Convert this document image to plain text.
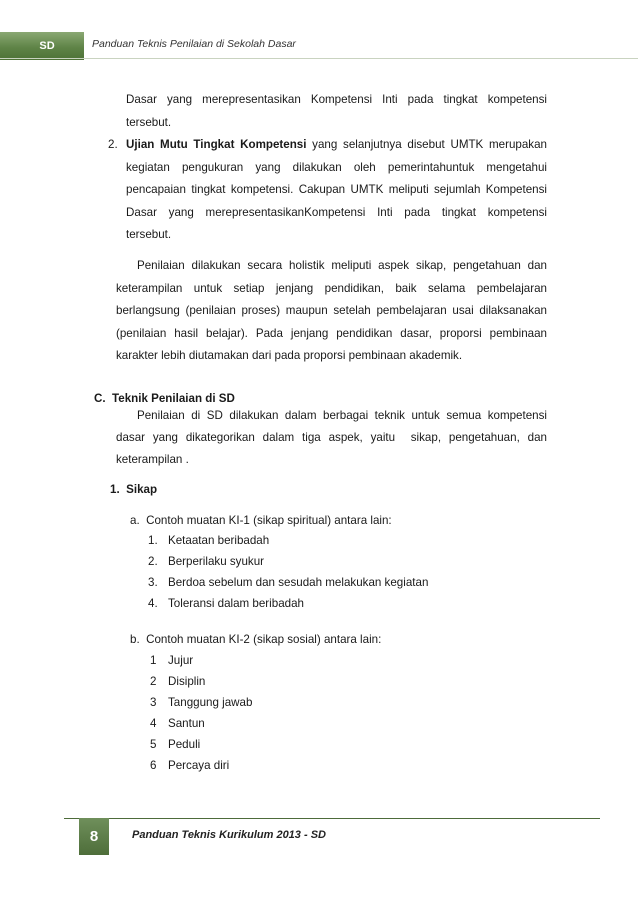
SD	Panduan Teknis Penilaian di Sekolah Dasar
Dasar yang merepresentasikan Kompetensi Inti pada tingkat kompetensi
tersebut.
2. Ujian Mutu Tingkat Kompetensi yang selanjutnya disebut UMTK merupakan
kegiatan pengukuran yang dilakukan oleh pemerintahuntuk mengetahui
pencapaian tingkat kompetensi. Cakupan UMTK meliputi sejumlah Kompetensi
Dasar yang merepresentasikanKompetensi Inti pada tingkat kompetensi
tersebut.
Penilaian dilakukan secara holistik meliputi aspek sikap, pengetahuan dan
keterampilan untuk setiap jenjang pendidikan, baik selama pembelajaran
berlangsung (penilaian proses) maupun setelah pembelajaran usai dilaksanakan
(penilaian hasil belajar). Pada jenjang pendidikan dasar, proporsi pembinaan
karakter lebih diutamakan dari pada proporsi pembinaan akademik.
C.  Teknik Penilaian di SD
Penilaian di SD dilakukan dalam berbagai teknik untuk semua kompetensi
dasar yang dikategorikan dalam tiga aspek, yaitu  sikap, pengetahuan, dan
keterampilan .
1.  Sikap
a.  Contoh muatan KI-1 (sikap spiritual) antara lain:
1. Ketaatan beribadah
2. Berperilaku syukur
3. Berdoa sebelum dan sesudah melakukan kegiatan
4. Toleransi dalam beribadah
b.  Contoh muatan KI-2 (sikap sosial) antara lain:
1 Jujur
2 Disiplin
3 Tanggung jawab
4 Santun
5 Peduli
6 Percaya diri
8	Panduan Teknis Kurikulum 2013 - SD
